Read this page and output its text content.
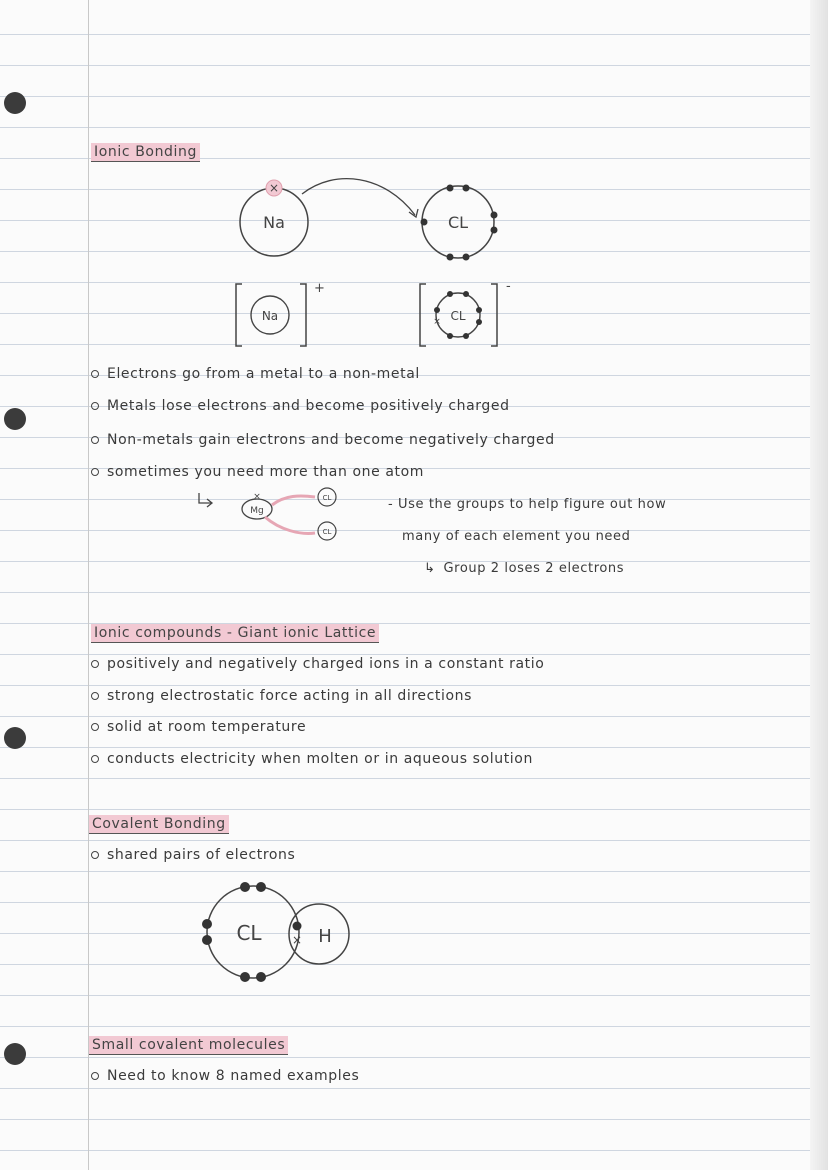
Ionic Bonding
×
Na	CL
Na
+
CL
×
-
Electrons go from a metal to a non-metal
Metals lose electrons and become positively charged
Non-metals gain electrons and become negatively charged
sometimes you need more than one atom
Mg
×	CL
CL
- Use the groups to help figure out how
many of each element you need
↳ Group 2 loses 2 electrons
Ionic compounds - Giant ionic Lattice
positively and negatively charged ions in a constant ratio
strong electrostatic force acting in all directions
solid at room temperature
conducts electricity when molten or in aqueous solution
Covalent Bonding
shared pairs of electrons
CL	H
×
Small covalent molecules
Need to know 8 named examples
